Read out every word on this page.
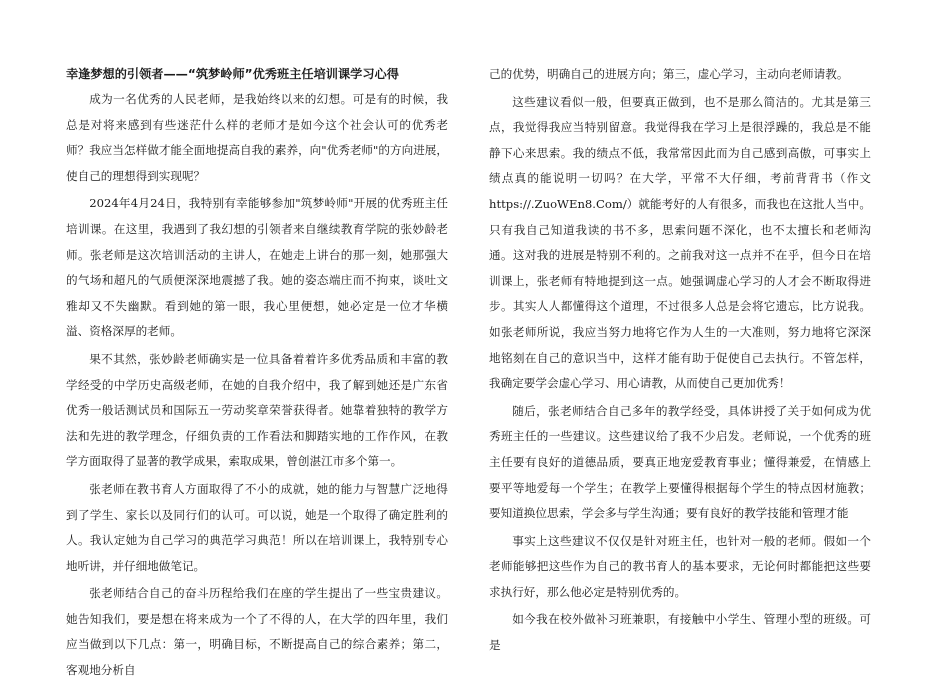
幸逢梦想的引领者——“筑梦岭师”优秀班主任培训课学习心得

成为一名优秀的人民老师，是我始终以来的幻想。可是有的时候，我总是对将来感到有些迷茫什么样的老师才是如今这个社会认可的优秀老师？我应当怎样做才能全面地提高自我的素养，向"优秀老师"的方向进展，使自己的理想得到实现呢？

2024年4月24日，我特别有幸能够参加"筑梦岭师"开展的优秀班主任培训课。在这里，我遇到了我幻想的引领者来自继续教育学院的张妙龄老师。张老师是这次培训活动的主讲人，在她走上讲台的那一刻，她那强大的气场和超凡的气质便深深地震撼了我。她的姿态端庄而不拘束，谈吐文雅却又不失幽默。看到她的第一眼，我心里便想，她必定是一位才华横溢、资格深厚的老师。

果不其然，张妙龄老师确实是一位具备着着许多优秀品质和丰富的教学经受的中学历史高级老师，在她的自我介绍中，我了解到她还是广东省优秀一般话测试员和国际五一劳动奖章荣誉获得者。她靠着独特的教学方法和先进的教学理念，仔细负责的工作看法和脚踏实地的工作作风，在教学方面取得了显著的教学成果，索取成果，曾创湛江市多个第一。

张老师在教书育人方面取得了不小的成就，她的能力与智慧广泛地得到了学生、家长以及同行们的认可。可以说，她是一个取得了确定胜利的人。我认定她为自己学习的典范学习典范！所以在培训课上，我特别专心地听讲，并仔细地做笔记。

张老师结合自己的奋斗历程给我们在座的学生提出了一些宝贵建议。她告知我们，要是想在将来成为一个了不得的人，在大学的四年里，我们应当做到以下几点：第一，明确目标，不断提高自己的综合素养；第二，客观地分析自

己的优势，明确自己的进展方向；第三，虚心学习，主动向老师请教。

这些建议看似一般，但要真正做到，也不是那么简洁的。尤其是第三点，我觉得我应当特别留意。我觉得我在学习上是很浮躁的，我总是不能静下心来思索。我的绩点不低，我常常因此而为自己感到高傲，可事实上绩点真的能说明一切吗？在大学，平常不大仔细，考前背背书（作文https://.ZuoWEn8.Com/）就能考好的人有很多，而我也在这批人当中。只有我自己知道我读的书不多，思索问题不深化，也不太擅长和老师沟通。这对我的进展是特别不利的。之前我对这一点并不在乎，但今日在培训课上，张老师有特地提到这一点。她强调虚心学习的人才会不断取得进步。其实人人都懂得这个道理，不过很多人总是会将它遗忘，比方说我。如张老师所说，我应当努力地将它作为人生的一大准则，努力地将它深深地铭刻在自己的意识当中，这样才能有助于促使自己去执行。不管怎样，我确定要学会虚心学习、用心请教，从而使自己更加优秀！

随后，张老师结合自己多年的教学经受，具体讲授了关于如何成为优秀班主任的一些建议。这些建议给了我不少启发。老师说，一个优秀的班主任要有良好的道德品质，要真正地宠爱教育事业；懂得兼爱，在情感上要平等地爱每一个学生；在教学上要懂得根据每个学生的特点因材施教；要知道换位思索，学会多与学生沟通；要有良好的教学技能和管理才能

事实上这些建议不仅仅是针对班主任，也针对一般的老师。假如一个老师能够把这些作为自己的教书育人的基本要求，无论何时都能把这些要求执行好，那么他必定是特别优秀的。

如今我在校外做补习班兼职，有接触中小学生、管理小型的班级。可是
